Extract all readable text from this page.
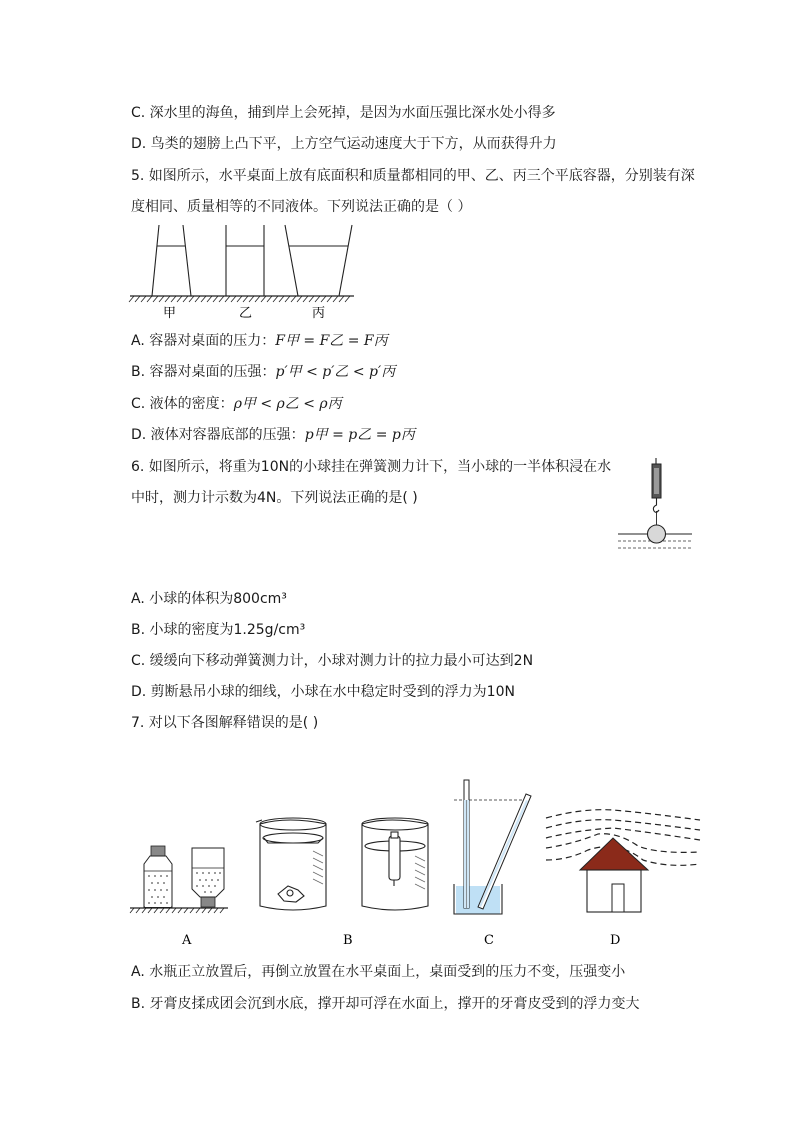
C. 深水里的海鱼，捕到岸上会死掉，是因为水面压强比深水处小得多
D. 鸟类的翅膀上凸下平，上方空气运动速度大于下方，从而获得升力
5. 如图所示，水平桌面上放有底面积和质量都相同的甲、乙、丙三个平底容器，分别装有深
度相同、质量相等的不同液体。下列说法正确的是（ ）
甲	乙	丙
A. 容器对桌面的压力：F甲 = F乙 = F丙
B. 容器对桌面的压强：p′甲 < p′乙 < p′丙
C. 液体的密度：ρ甲 < ρ乙 < ρ丙
D. 液体对容器底部的压强：p甲 = p乙 = p丙
6. 如图所示，将重为10N的小球挂在弹簧测力计下，当小球的一半体积浸在水
中时，测力计示数为4N。下列说法正确的是( )
A. 小球的体积为800cm³
B. 小球的密度为1.25g/cm³
C. 缓缓向下移动弹簧测力计，小球对测力计的拉力最小可达到2N
D. 剪断悬吊小球的细线，小球在水中稳定时受到的浮力为10N
7. 对以下各图解释错误的是( )
A	B	C	D
A. 水瓶正立放置后，再倒立放置在水平桌面上，桌面受到的压力不变，压强变小
B. 牙膏皮揉成团会沉到水底，撑开却可浮在水面上，撑开的牙膏皮受到的浮力变大
